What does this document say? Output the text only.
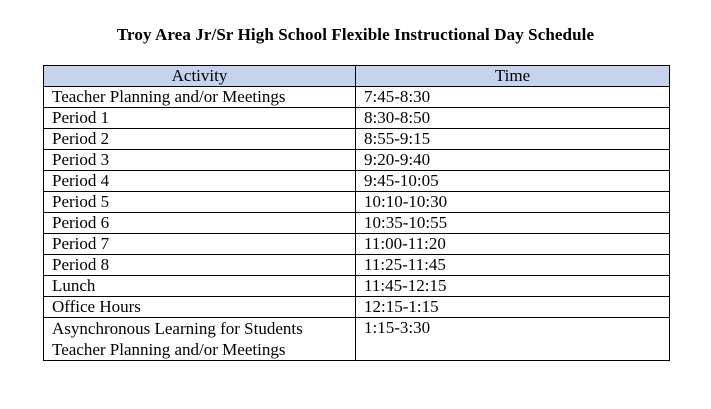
Troy Area Jr/Sr High School Flexible Instructional Day Schedule
Activity	Time
Teacher Planning and/or Meetings	7:45-8:30
Period 1	8:30-8:50
Period 2	8:55-9:15
Period 3	9:20-9:40
Period 4	9:45-10:05
Period 5	10:10-10:30
Period 6	10:35-10:55
Period 7	11:00-11:20
Period 8	11:25-11:45
Lunch	11:45-12:15
Office Hours	12:15-1:15

Asynchronous Learning for Students
Teacher Planning and/or Meetings	1:15-3:30
